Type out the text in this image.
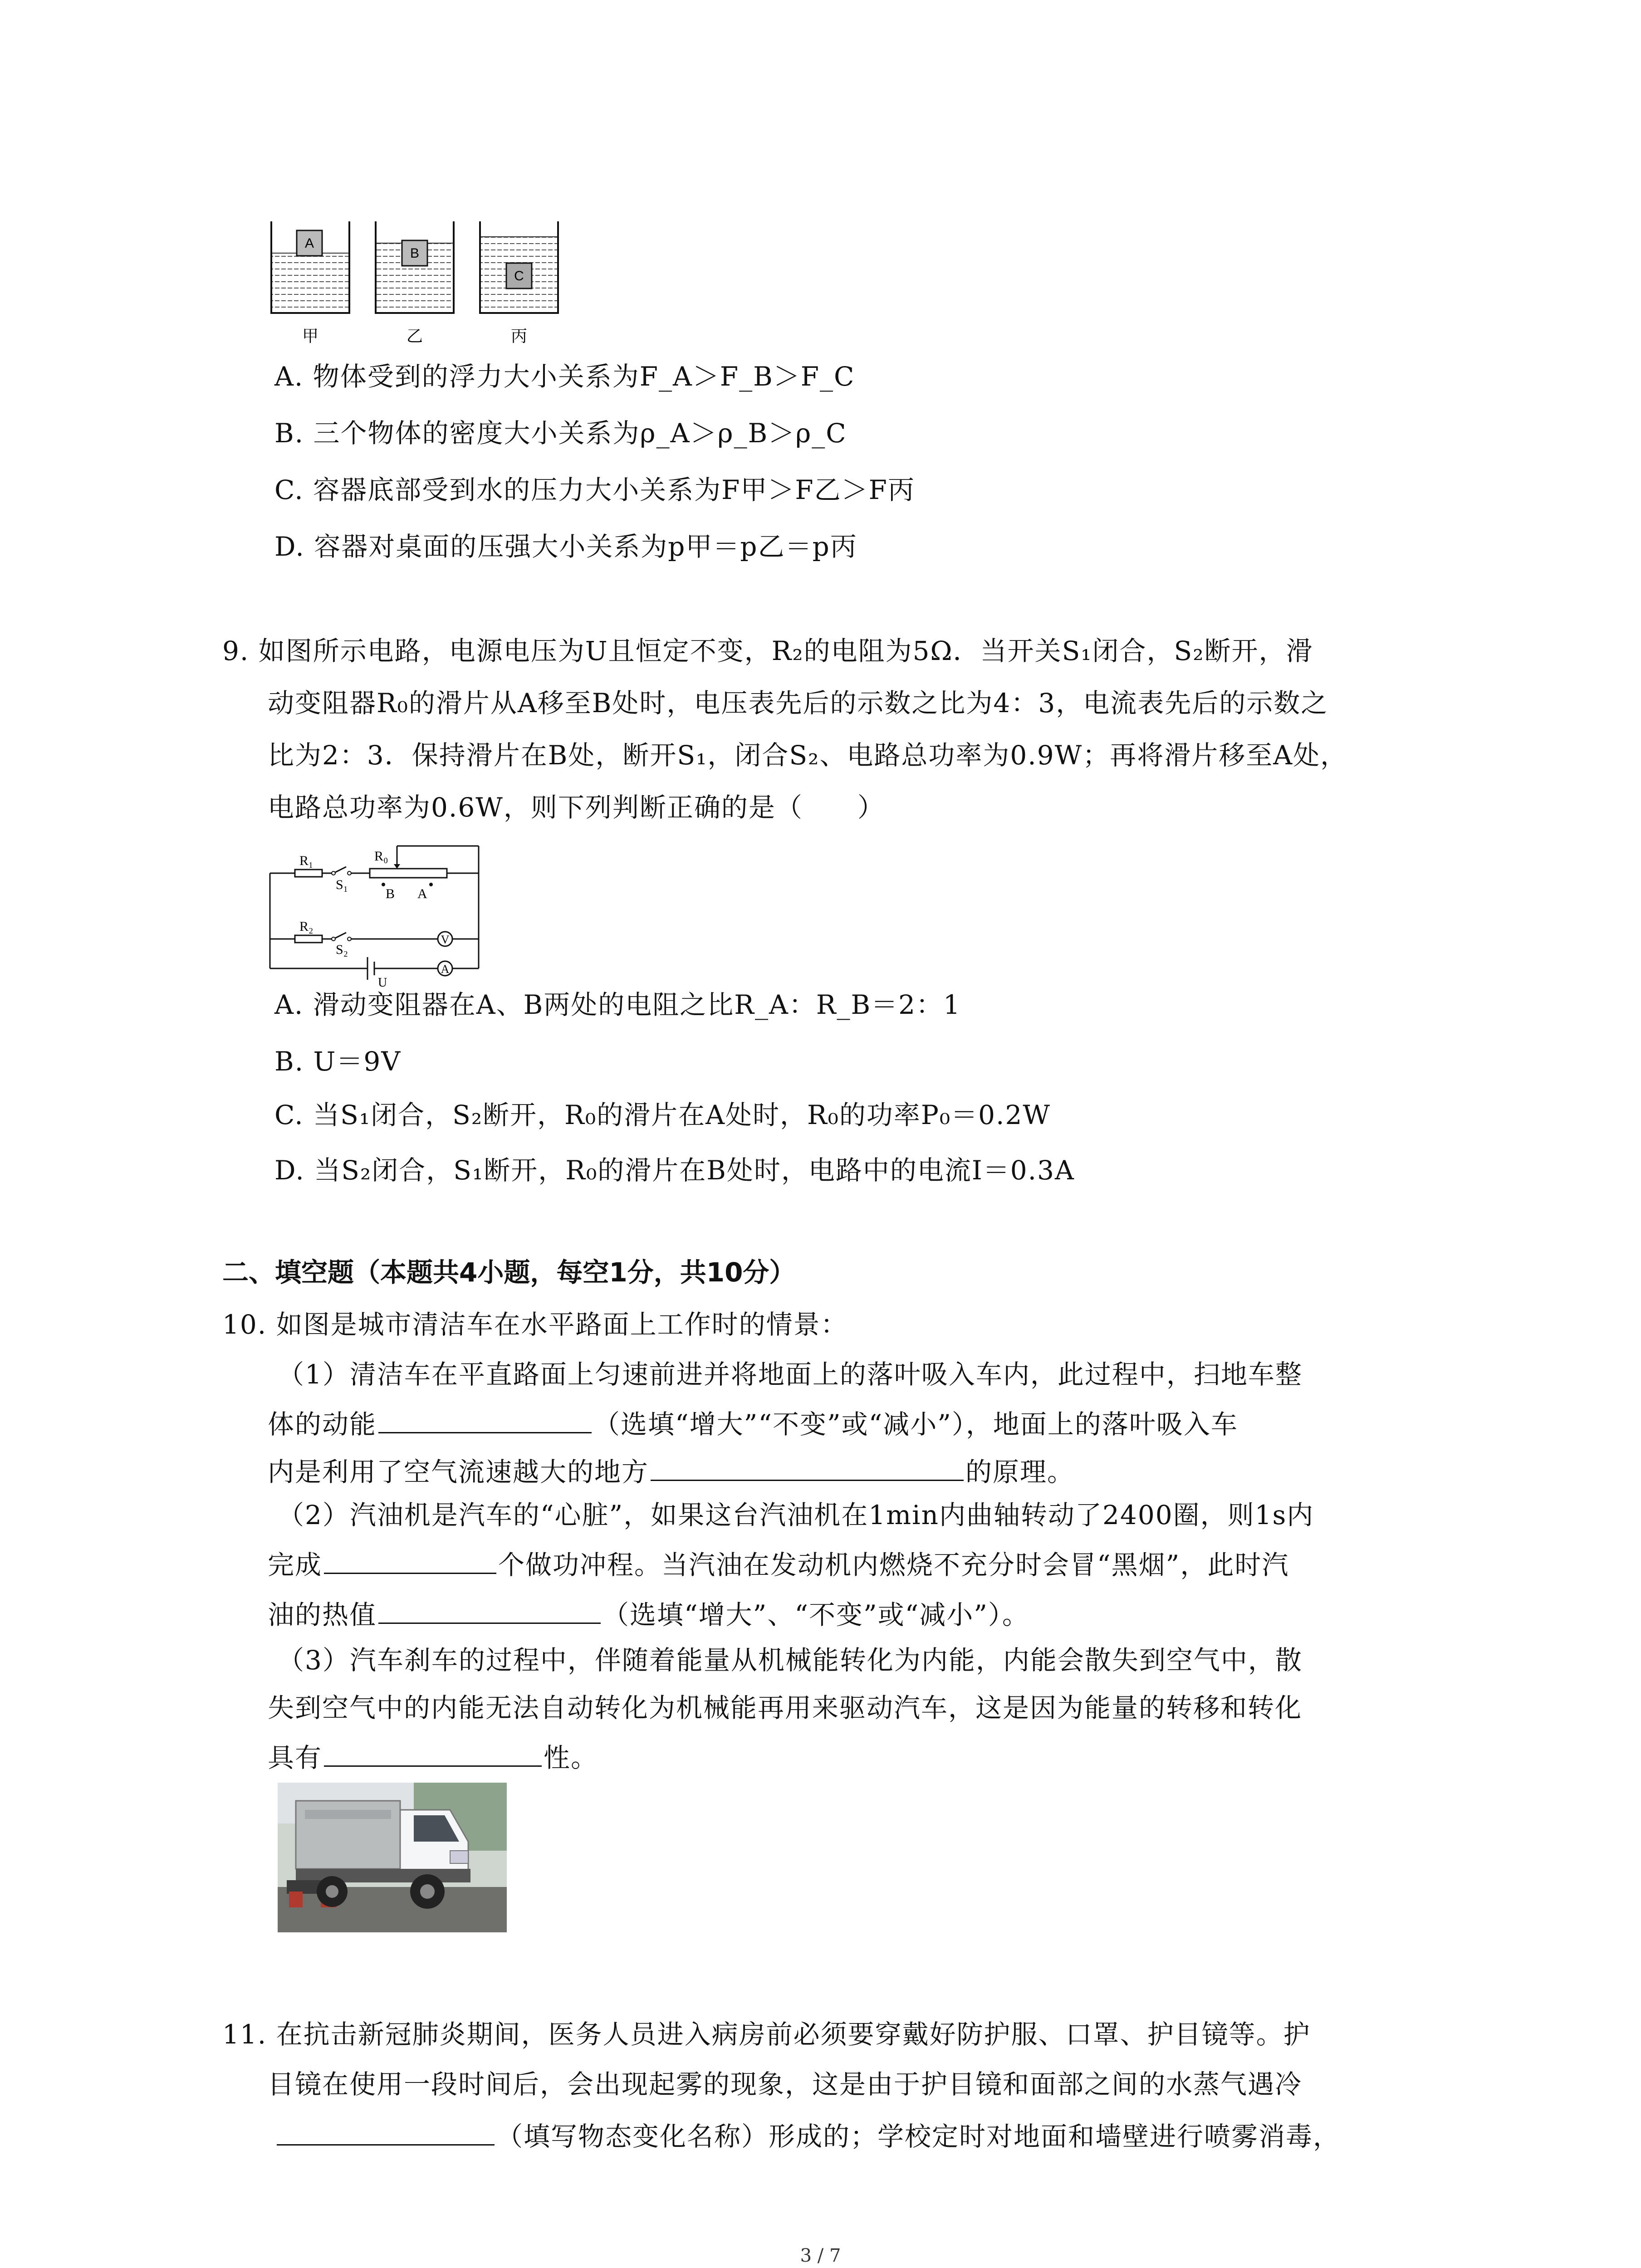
A
B
C
甲	乙	丙
A. 物体受到的浮力大小关系为F_A＞F_B＞F_C
B. 三个物体的密度大小关系为ρ_A＞ρ_B＞ρ_C
C. 容器底部受到水的压力大小关系为F甲＞F乙＞F丙
D. 容器对桌面的压强大小关系为p甲＝p乙＝p丙
9. 如图所示电路，电源电压为U且恒定不变，R₂的电阻为5Ω．当开关S₁闭合，S₂断开，滑
动变阻器R₀的滑片从A移至B处时，电压表先后的示数之比为4：3，电流表先后的示数之
比为2：3．保持滑片在B处，断开S₁，闭合S₂、电路总功率为0.9W；再将滑片移至A处，
电路总功率为0.6W，则下列判断正确的是（　　）
R₁
S₁
R₀
B A
R₂
S₂
V
A
U
A. 滑动变阻器在A、B两处的电阻之比R_A：R_B＝2：1
B. U＝9V
C. 当S₁闭合，S₂断开，R₀的滑片在A处时，R₀的功率P₀＝0.2W
D. 当S₂闭合，S₁断开，R₀的滑片在B处时，电路中的电流I＝0.3A
二、填空题（本题共4小题，每空1分，共10分）
10. 如图是城市清洁车在水平路面上工作时的情景：
（1）清洁车在平直路面上匀速前进并将地面上的落叶吸入车内，此过程中，扫地车整
体的动能	（选填“增大”“不变”或“减小”），地面上的落叶吸入车
内是利用了空气流速越大的地方	的原理。
（2）汽油机是汽车的“心脏”，如果这台汽油机在1min内曲轴转动了2400圈，则1s内
完成	个做功冲程。当汽油在发动机内燃烧不充分时会冒“黑烟”，此时汽
油的热值	（选填“增大”、“不变”或“减小”）。
（3）汽车刹车的过程中，伴随着能量从机械能转化为内能，内能会散失到空气中，散
失到空气中的内能无法自动转化为机械能再用来驱动汽车，这是因为能量的转移和转化
具有	性。
11. 在抗击新冠肺炎期间，医务人员进入病房前必须要穿戴好防护服、口罩、护目镜等。护
目镜在使用一段时间后，会出现起雾的现象，这是由于护目镜和面部之间的水蒸气遇冷
（填写物态变化名称）形成的；学校定时对地面和墙壁进行喷雾消毒，
3 / 7
